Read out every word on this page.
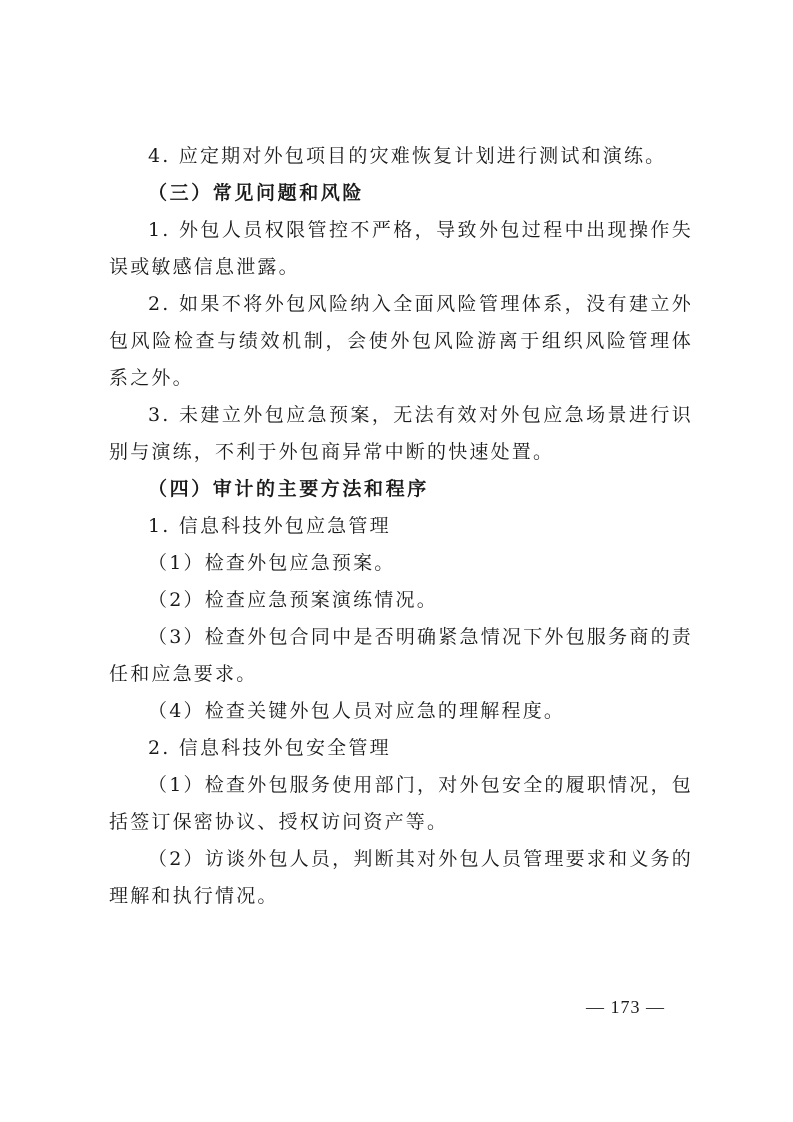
4. 应定期对外包项目的灾难恢复计划进行测试和演练。

（三）常见问题和风险

1. 外包人员权限管控不严格，导致外包过程中出现操作失误或敏感信息泄露。

2. 如果不将外包风险纳入全面风险管理体系，没有建立外包风险检查与绩效机制，会使外包风险游离于组织风险管理体系之外。

3. 未建立外包应急预案，无法有效对外包应急场景进行识别与演练，不利于外包商异常中断的快速处置。

（四）审计的主要方法和程序

1. 信息科技外包应急管理

（1）检查外包应急预案。

（2）检查应急预案演练情况。

（3）检查外包合同中是否明确紧急情况下外包服务商的责任和应急要求。

（4）检查关键外包人员对应急的理解程度。

2. 信息科技外包安全管理

（1）检查外包服务使用部门，对外包安全的履职情况，包括签订保密协议、授权访问资产等。

（2）访谈外包人员，判断其对外包人员管理要求和义务的理解和执行情况。

— 173 —
